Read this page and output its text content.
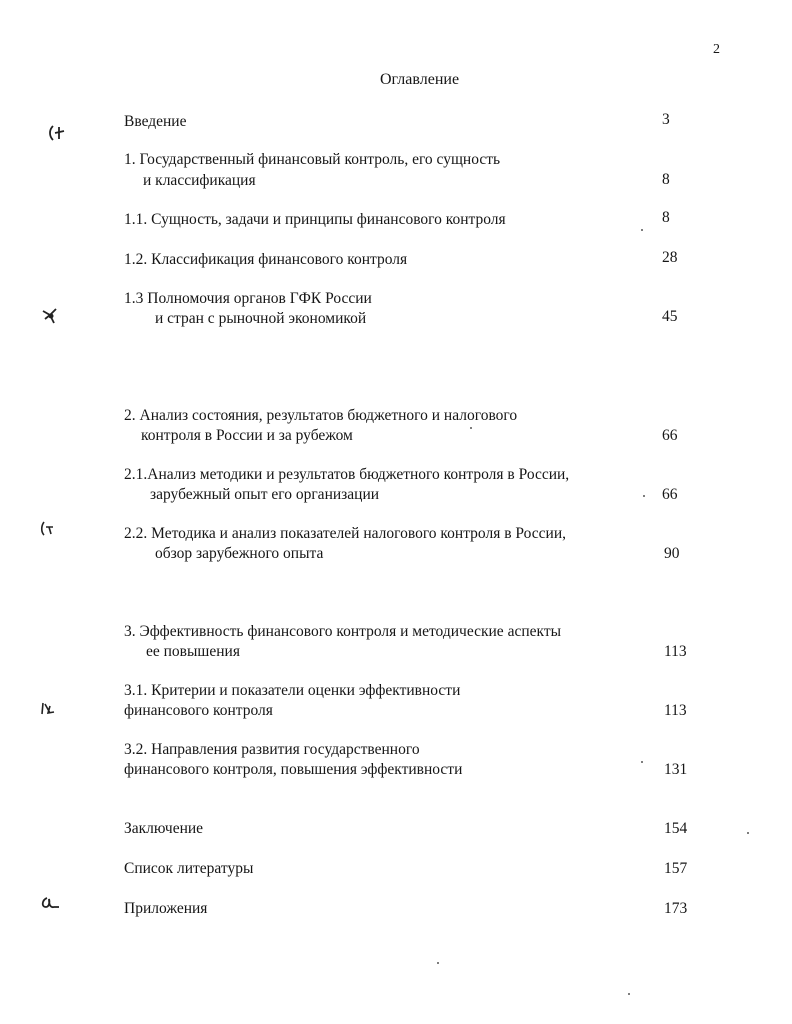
2
Оглавление
Введение	3
1. Государственный финансовый контроль, его сущность
и классификация	8
1.1. Сущность, задачи и принципы финансового контроля	8
1.2. Классификация финансового контроля	28
1.3 Полномочия органов ГФК России
и стран с рыночной экономикой	45
2. Анализ состояния, результатов бюджетного и налогового
контроля в России и за рубежом	66
2.1.Анализ методики и результатов бюджетного контроля в России,
зарубежный опыт его организации	66
2.2. Методика и анализ показателей налогового контроля в России,
обзор зарубежного опыта	90
3. Эффективность финансового контроля и методические аспекты
ее повышения	113
3.1. Критерии и показатели оценки эффективности
финансового контроля	113
3.2. Направления развития государственного
финансового контроля, повышения эффективности	131
Заключение	154
Список литературы	157
Приложения	173
